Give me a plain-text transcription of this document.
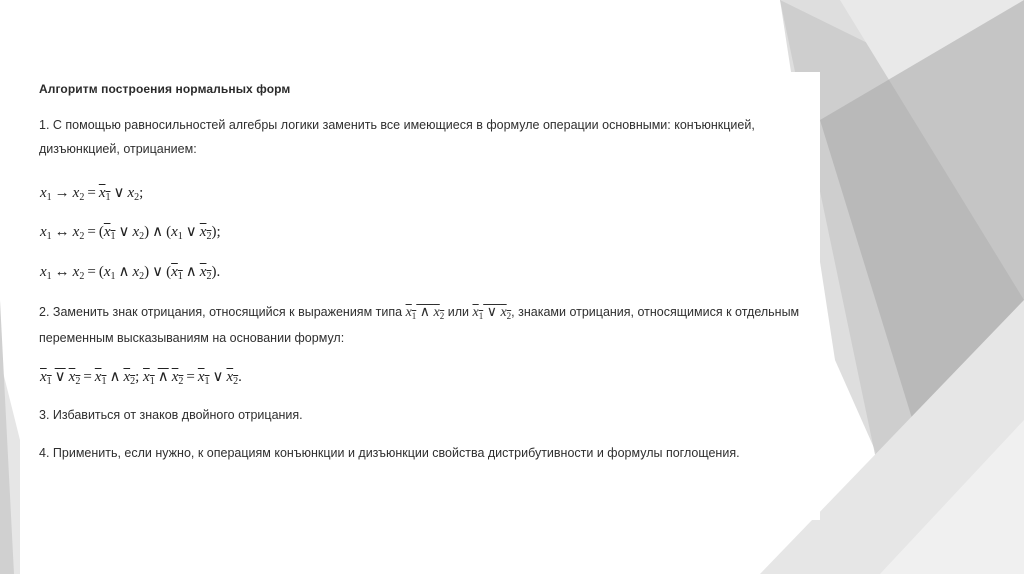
Алгоритм построения нормальных форм
1. С помощью равносильностей алгебры логики заменить все имеющиеся в формуле операции основными: конъюнкцией,
дизъюнкцией, отрицанием:
$x_1 \to x_2 = x_1$ ∨ $x_2$;
$x_1$ ↔ $x_2 = (x_1$ ∨ $x_2$) ∧ ($x_1$ ∨ $x_2$);
$x_1$ ↔ $x_2 = (x_1$ ∧ $x_2$) ∨ ($x_1$ ∧ $x_2$).
2. Заменить знак отрицания, относящийся к выражениям типа $x_1$ ∧ $x_2$ или $x_1$ ∨ $x_2$, знаками отрицания, относящимися к отдельным
переменным высказываниям на основании формул:
$x_1$ ∨ $x_2 = x_1$ ∧ $x_2$; $x_1$ ∧ $x_2 = x_1$ ∨ $x_2$.
3. Избавиться от знаков двойного отрицания.
4. Применить, если нужно, к операциям конъюнкции и дизъюнкции свойства дистрибутивности и формулы поглощения.
